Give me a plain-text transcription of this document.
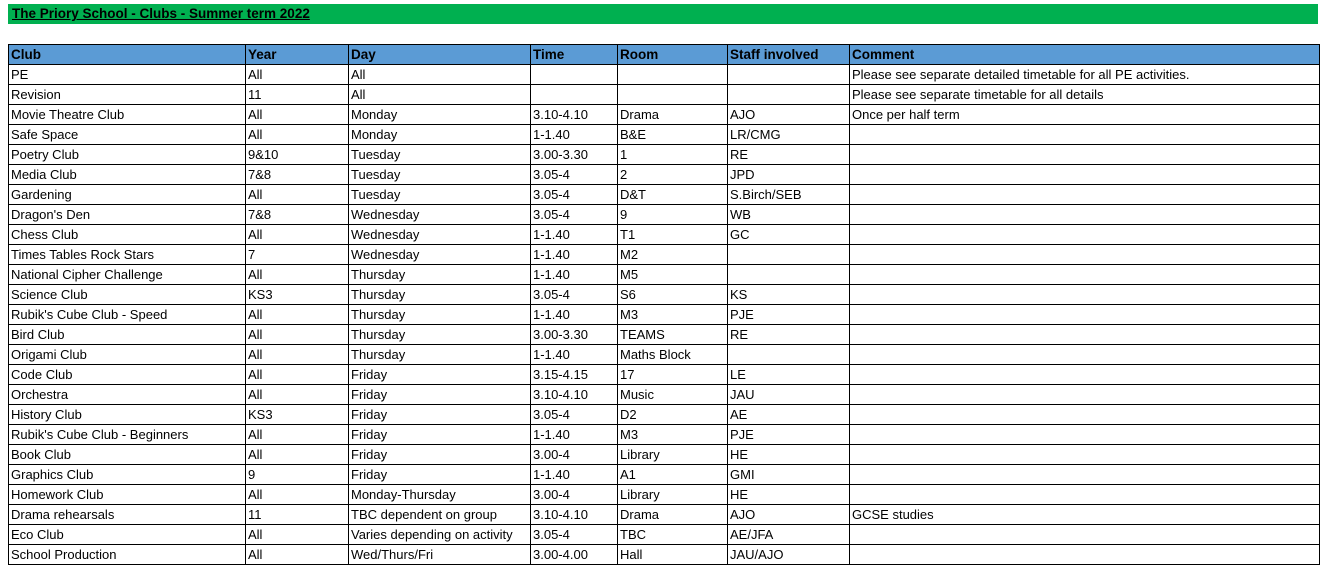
The Priory School - Clubs - Summer term 2022
Club	Year	Day	Time	Room	Staff involved	Comment
PE	All	All				Please see separate detailed timetable for all PE activities.
Revision	11	All				Please see separate timetable for all details
Movie Theatre Club	All	Monday	3.10-4.10	Drama	AJO	Once per half term
Safe Space	All	Monday	1-1.40	B&E	LR/CMG	
Poetry Club	9&10	Tuesday	3.00-3.30	1	RE	
Media Club	7&8	Tuesday	3.05-4	2	JPD	
Gardening	All	Tuesday	3.05-4	D&T	S.Birch/SEB	
Dragon's Den	7&8	Wednesday	3.05-4	9	WB	
Chess Club	All	Wednesday	1-1.40	T1	GC	
Times Tables Rock Stars	7	Wednesday	1-1.40	M2		
National Cipher Challenge	All	Thursday	1-1.40	M5		
Science Club	KS3	Thursday	3.05-4	S6	KS	
Rubik's Cube Club - Speed	All	Thursday	1-1.40	M3	PJE	
Bird Club	All	Thursday	3.00-3.30	TEAMS	RE	
Origami Club	All	Thursday	1-1.40	Maths Block		
Code Club	All	Friday	3.15-4.15	17	LE	
Orchestra	All	Friday	3.10-4.10	Music	JAU	
History Club	KS3	Friday	3.05-4	D2	AE	
Rubik's Cube Club - Beginners	All	Friday	1-1.40	M3	PJE	
Book Club	All	Friday	3.00-4	Library	HE	
Graphics Club	9	Friday	1-1.40	A1	GMI	
Homework Club	All	Monday-Thursday	3.00-4	Library	HE	
Drama rehearsals	11	TBC dependent on group	3.10-4.10	Drama	AJO	GCSE studies
Eco Club	All	Varies depending on activity	3.05-4	TBC	AE/JFA	
School Production	All	Wed/Thurs/Fri	3.00-4.00	Hall	JAU/AJO	
